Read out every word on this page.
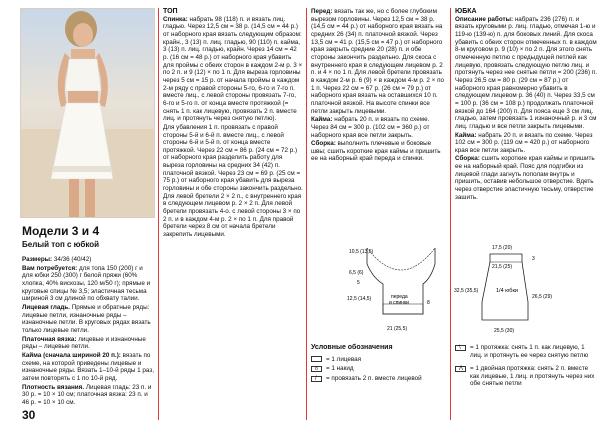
Модели 3 и 4
Белый топ с юбкой

Размеры: 34/36 (40/42)

Вам потребуется: для топа 150 (200) г и для юбки 250 (300) г белой пряжи (60% хлопка, 40% вискозы, 120 м/50 г); прямые и круговые спицы № 3,5; эластичная тесьма шириной 3 см длиной по обхвату талии.

Лицевая гладь. Прямые и обратные ряды: лицевые петли, изнаночные ряды – изнаночные петли. В круговых рядах вязать только лицевые петли.

Платочная вязка: лицевые и изнаночные ряды – лицевые петли.

Кайма (сначала шириной 20 п.): вязать по схеме, на которой приведены лицевые и изнаночные ряды. Вязать 1–10-й ряды 1 раз, затем повторять с 1 по 10-й ряд.

Плотность вязания. Лицевая гладь: 23 п. и 30 р. = 10 × 10 см; платочная вязка: 23 п. и 46 р. = 10 × 10 см.

30
ТОП

Спинка: набрать 98 (118) п. и вязать лиц. гладью. Через 12,5 см = 38 р. (14,5 см = 44 р.) от наборного края вязать следующим образом: крайн., 3 (13) п. лиц. гладью, 90 (110) п. кайма, 3 (13) п. лиц. гладью, крайн. Через 14 см = 42 р. (16 см = 48 р.) от наборного края убавить для проймы с обеих сторон в каждом 2-м р. 3 × по 2 п. и 9 (12) × по 1 п. Для выреза горловины через 5 см = 15 р. от начала проймы в каждом 2-м ряду с правой стороны 5-го, 6-го и 7-го п. вместе лиц., с левой стороны провязать 7-го, 6-го и 5-го п. от конца вместе протяжкой (= снять 1 п. как лицевую, провязать 2 п. вместе лиц. и протянуть через снятую петлю).

Для убавления 1 п. провязать с правой стороны 5-й и 6-й п. вместе лиц., с левой стороны 6-й и 5-й п. от конца вместе протяжкой. Через 22 см = 86 р. (24 см = 72 р.) от наборного края разделить работу для выреза горловины на средних 34 (42) п. платочной вязкой. Через 23 см = 69 р. (25 см = 75 р.) от наборного края убавить для выреза горловины и обе стороны закончить раздельно. Для левой бретели 2 × 2 п., с внутреннего края в следующем лицевом р. 2 × 2 п. Для левой бретели провязать 4-о. с левой стороны 3 × по 2 п. и в каждом 4-м р. 2 × по 1 п. Для правой бретели через 8 см от начала бретели закрепить лицевыми.

Перед: вязать так же, но с более глубоким вырезом горловины. Через 12,5 см = 38 р. (14,5 см = 44 р.) от наборного края вязать на средних 26 (34) п. платочной вязкой. Через 13,5 см = 41 р. (15,5 см = 47 р.) от наборного края закрыть средние 20 (28) п. и обе стороны закончить раздельно. Для скоса с внутреннего края в следующем лицевом р. 2 п. и 4 × по 1 п. Для левой бретели провязать в каждом 2-м р. 6 (9) × в каждом 4-м р. 2 × по 1 п. Через 22 см = 67 р. (26 см = 79 р.) от наборного края вязать на оставшихся 10 п. платочной вязкой. На высоте спинки все петли закрыть лицевыми.

Кайма: набрать 20 п. и вязать по схеме. Через 84 см = 300 р. (102 см = 360 р.) от наборного края все петли закрыть.

Сборка: выполнить плечевые и боковые швы; сшить короткие края каймы и пришить ее на наборный край переда и спинки.

ЮБКА

Описание работы: набрать 236 (276) п. и вязать круговыми р. лиц. гладью, отмечая 1-ю и 119-ю (139-ю) п. для боковых линий. Для скоса убавить с обеих сторон отмеченных п. в каждом 8-м круговом р. 9 (10) × по 2 п. Для этого снять отмеченную петлю с предыдущей петлей как лицевую, провязать следующую петлю лиц. и протянуть через нее снятые петли = 200 (236) п. Через 26,5 см = 80 р. (29 см = 87 р.) от наборного края равномерно убавить в следующем лицевом р. 36 (40) п. Через 33,5 см = 100 р. (36 см = 108 р.) продолжать платочной вязкой до 164 (200) п. Для пояса еще 3 см лиц. гладью, затем провязать 1 изнаночный р. и 3 см лиц. гладью и все петли закрыть лицевыми.

Кайма: набрать 20 п. и вязать по схеме. Через 102 см = 300 р. (119 см = 420 р.) от наборного края все петли закрыть.

Сборка: сшить короткие края каймы и пришить ее на наборный край. Пояс для подгибки из лицевой глади загнуть пополам внутрь и пришить, оставив небольшое отверстие. Вдеть через отверстие эластичную тесьму, отверстие зашить.

10,5 (13,5)
6,5 (6)
5
12,5 (14,5)
21 (25,5)
переда
и спинки	8
17,5 (20)
21,5 (25)
1/4 юбки
32,5 (35,5)
3
26,5 (29)
25,5 (30)
Условные обозначения
= 1 лицевая
o = 1 накид
/ = провязать 2 п. вместе лицевой
\ = 1 протяжка: снять 1 п. как лицевую, 1 лиц. и протянуть ее через снятую петлю
Λ = 1 двойная протяжка: снять 2 п. вместе как лицевые, 1 лиц. и протянуть через них обе снятые петли
